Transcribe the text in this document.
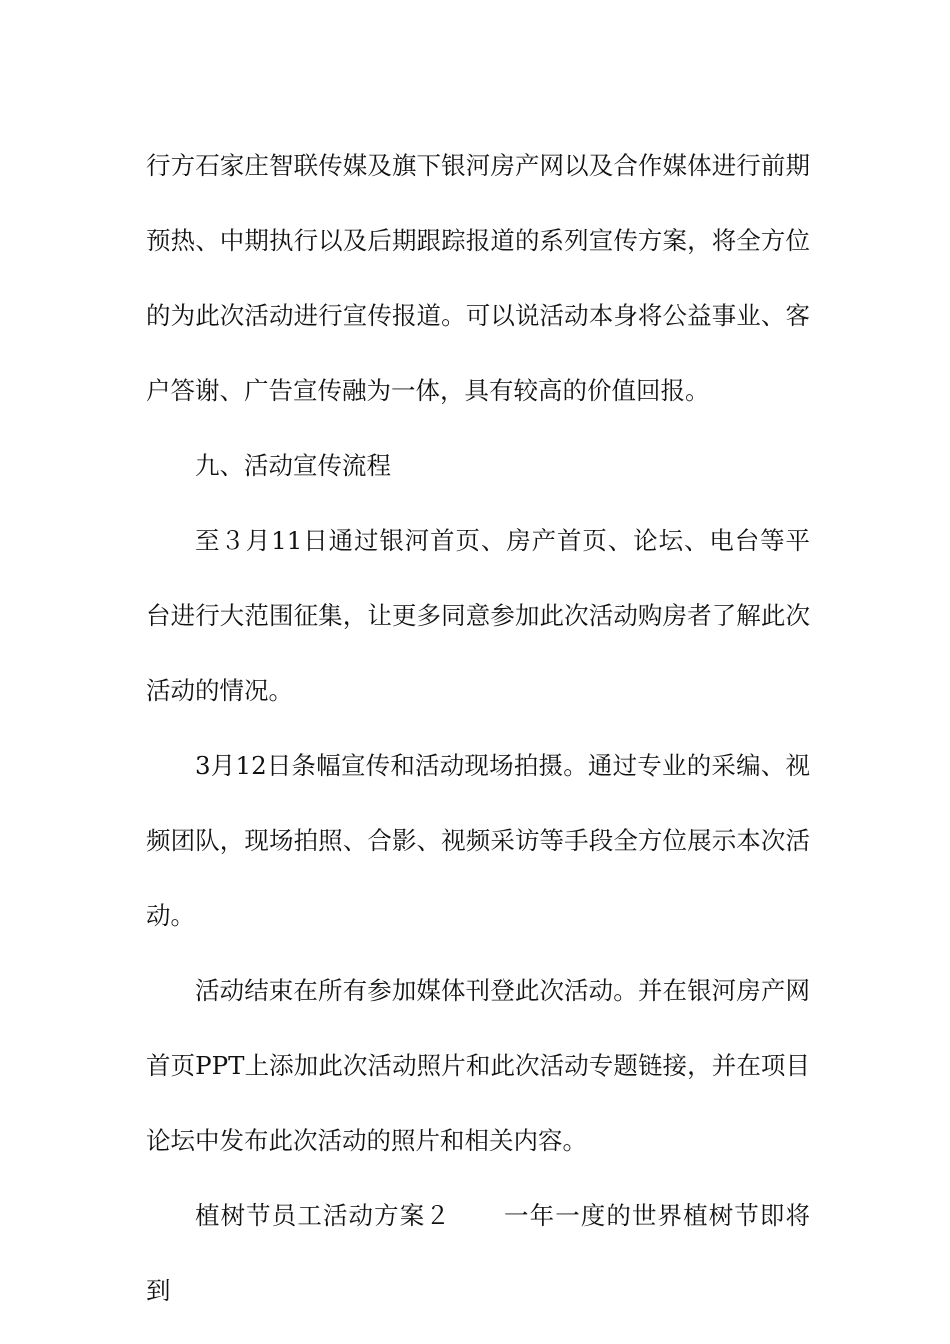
行方石家庄智联传媒及旗下银河房产网以及合作媒体进行前期预热、中期执行以及后期跟踪报道的系列宣传方案，将全方位的为此次活动进行宣传报道。可以说活动本身将公益事业、客户答谢、广告宣传融为一体，具有较高的价值回报。

九、活动宣传流程

至３月11日通过银河首页、房产首页、论坛、电台等平台进行大范围征集，让更多同意参加此次活动购房者了解此次活动的情况。

3月12日条幅宣传和活动现场拍摄。通过专业的采编、视频团队，现场拍照、合影、视频采访等手段全方位展示本次活动。

活动结束在所有参加媒体刊登此次活动。并在银河房产网首页PPT上添加此次活动照片和此次活动专题链接，并在项目论坛中发布此次活动的照片和相关内容。

植树节员工活动方案２ 一年一度的世界植树节即将到
